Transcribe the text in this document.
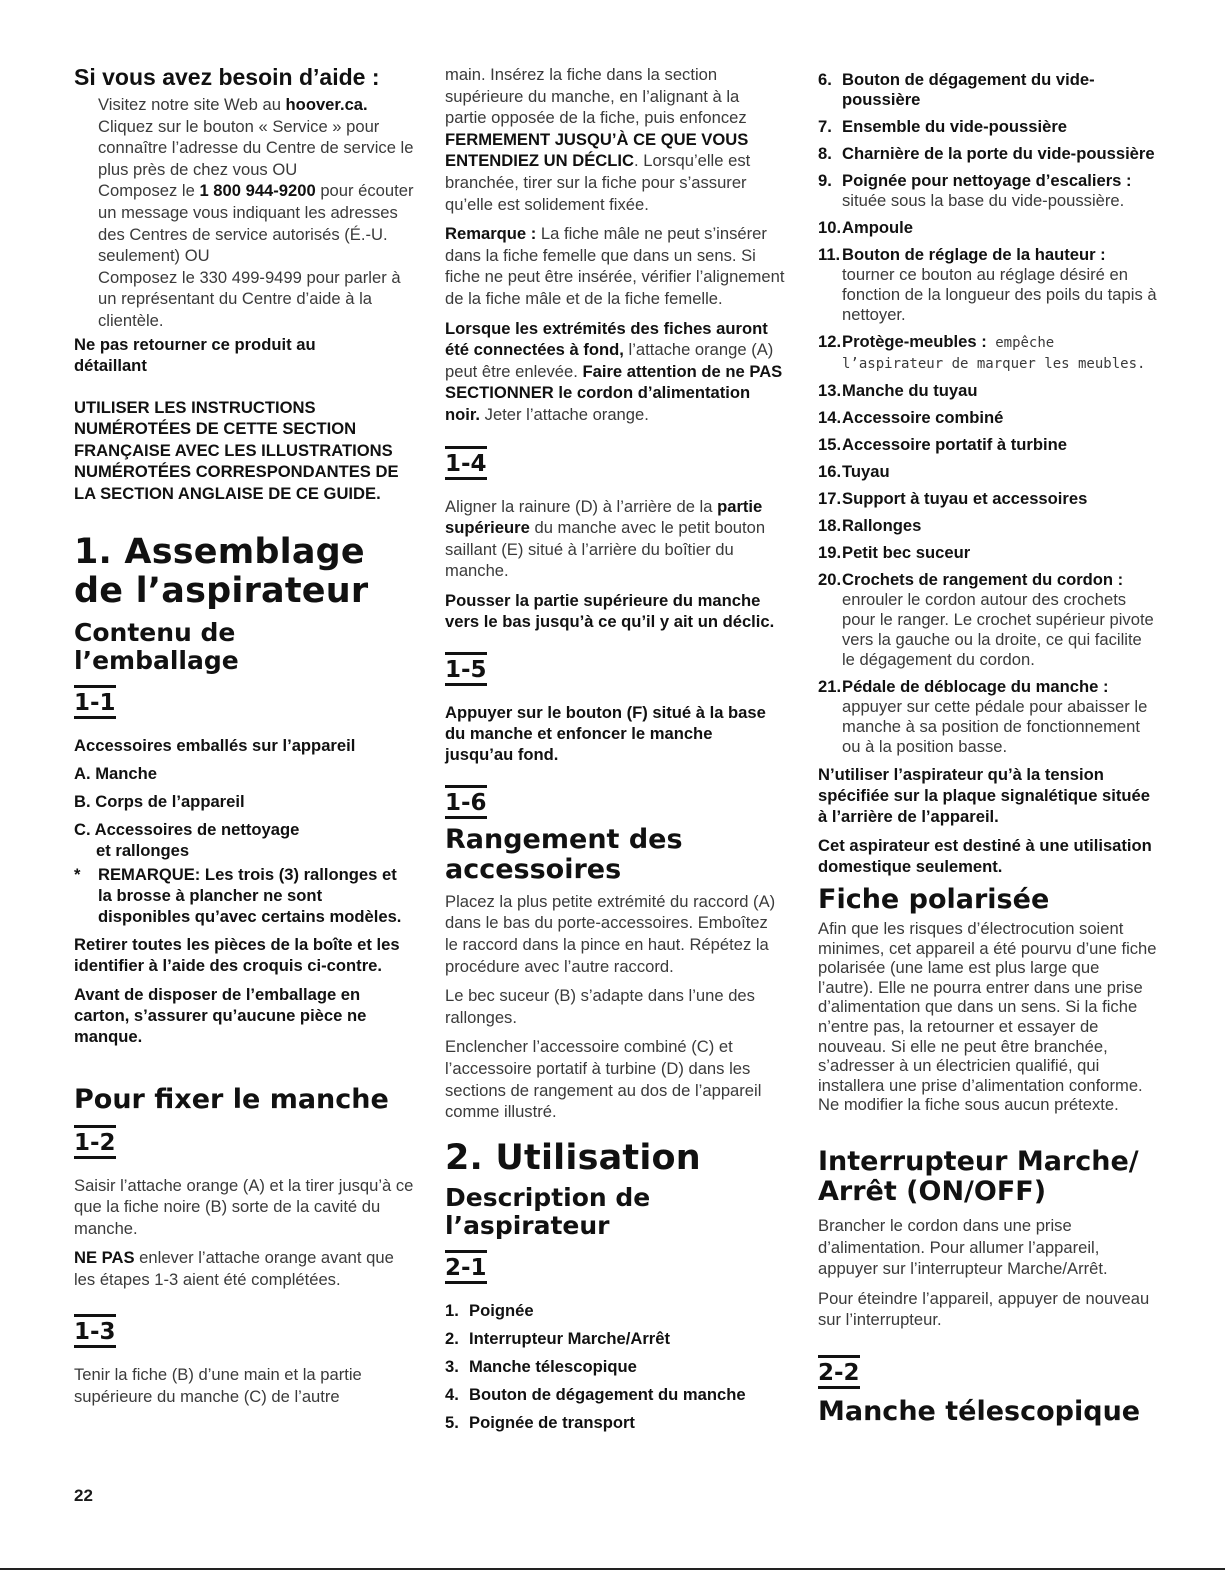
Si vous avez besoin d’aide :

Visitez notre site Web au hoover.ca.

Cliquez sur le bouton « Service » pour connaître l’adresse du Centre de service le plus près de chez vous OU

Composez le 1 800 944-9200 pour écouter un message vous indiquant les adresses des Centres de service autorisés (É.-U. seulement) OU

Composez le 330 499-9499 pour parler à un représentant du Centre d’aide à la clientèle.

Ne pas retourner ce produit au détaillant

UTILISER LES INSTRUCTIONS NUMÉROTÉES DE CETTE SECTION FRANÇAISE AVEC LES ILLUSTRATIONS NUMÉROTÉES CORRESPONDANTES DE LA SECTION ANGLAISE DE CE GUIDE.

1. Assemblage
de l’aspirateur
Contenu de
l’emballage
1-1

Accessoires emballés sur l’appareil

A. Manche

B. Corps de l’appareil

C. Accessoires de nettoyage

et rallonges

*	REMARQUE: Les trois (3) rallonges et la brosse à plancher ne sont disponibles qu’avec certains modèles.

Retirer toutes les pièces de la boîte et les identifier à l’aide des croquis ci-contre.

Avant de disposer de l’emballage en carton, s’assurer qu’aucune pièce ne manque.

Pour fixer le manche
1-2

Saisir l’attache orange (A) et la tirer jusqu’à ce que la fiche noire (B) sorte de la cavité du manche.

NE PAS enlever l’attache orange avant que les étapes 1-3 aient été complétées.

1-3

Tenir la fiche (B) d’une main et la partie supérieure du manche (C) de l’autre

main. Insérez la fiche dans la section supérieure du manche, en l’alignant à la partie opposée de la fiche, puis enfoncez FERMEMENT JUSQU’À CE QUE VOUS ENTENDIEZ UN DÉCLIC. Lorsqu’elle est branchée, tirer sur la fiche pour s’assurer qu’elle est solidement fixée.

Remarque : La fiche mâle ne peut s’insérer dans la fiche femelle que dans un sens. Si fiche ne peut être insérée, vérifier l’alignement de la fiche mâle et de la fiche femelle.

Lorsque les extrémités des fiches auront été connectées à fond, l’attache orange (A) peut être enlevée. Faire attention de ne PAS SECTIONNER le cordon d’alimentation noir. Jeter l’attache orange.

1-4

Aligner la rainure (D) à l’arrière de la partie supérieure du manche avec le petit bouton saillant (E) situé à l’arrière du boîtier du manche.

Pousser la partie supérieure du manche vers le bas jusqu’à ce qu’il y ait un déclic.

1-5

Appuyer sur le bouton (F) situé à la base du manche et enfoncer le manche jusqu’au fond.

1-6
Rangement des
accessoires

Placez la plus petite extrémité du raccord (A) dans le bas du porte-accessoires. Emboîtez le raccord dans la pince en haut. Répétez la procédure avec l’autre raccord.

Le bec suceur (B) s’adapte dans l’une des rallonges.

Enclencher l’accessoire combiné (C) et l’accessoire portatif à turbine (D) dans les sections de rangement au dos de l’appareil comme illustré.

2. Utilisation
Description de
l’aspirateur
2-1

1. Poignée

2. Interrupteur Marche/Arrêt

3. Manche télescopique

4. Bouton de dégagement du manche

5. Poignée de transport

6. Bouton de dégagement du vide-poussière

7. Ensemble du vide-poussière

8. Charnière de la porte du vide-poussière

9. Poignée pour nettoyage d’escaliers : située sous la base du vide-poussière.

10.Ampoule

11. Bouton de réglage de la hauteur : tourner ce bouton au réglage désiré en fonction de la longueur des poils du tapis à nettoyer.

12.Protège-meubles : empêche l’aspirateur de marquer les meubles.

13.Manche du tuyau

14.Accessoire combiné

15.Accessoire portatif à turbine

16.Tuyau

17.Support à tuyau et accessoires

18.Rallonges

19.Petit bec suceur

20.Crochets de rangement du cordon : enrouler le cordon autour des crochets pour le ranger. Le crochet supérieur pivote vers la gauche ou la droite, ce qui facilite le dégagement du cordon.

21.Pédale de déblocage du manche : appuyer sur cette pédale pour abaisser le manche à sa position de fonctionnement ou à la position basse.

N’utiliser l’aspirateur qu’à la tension spécifiée sur la plaque signalétique située à l’arrière de l’appareil.

Cet aspirateur est destiné à une utilisation domestique seulement.

Fiche polarisée

Afin que les risques d’électrocution soient minimes, cet appareil a été pourvu d’une fiche polarisée (une lame est plus large que l’autre). Elle ne pourra entrer dans une prise d’alimentation que dans un sens. Si la fiche n’entre pas, la retourner et essayer de nouveau. Si elle ne peut être branchée, s’adresser à un électricien qualifié, qui installera une prise d’alimentation conforme. Ne modifier la fiche sous aucun prétexte.

Interrupteur Marche/
Arrêt (ON/OFF)

Brancher le cordon dans une prise d’alimentation. Pour allumer l’appareil, appuyer sur l’interrupteur Marche/Arrêt.

Pour éteindre l’appareil, appuyer de nouveau sur l’interrupteur.

2-2
Manche télescopique
22
